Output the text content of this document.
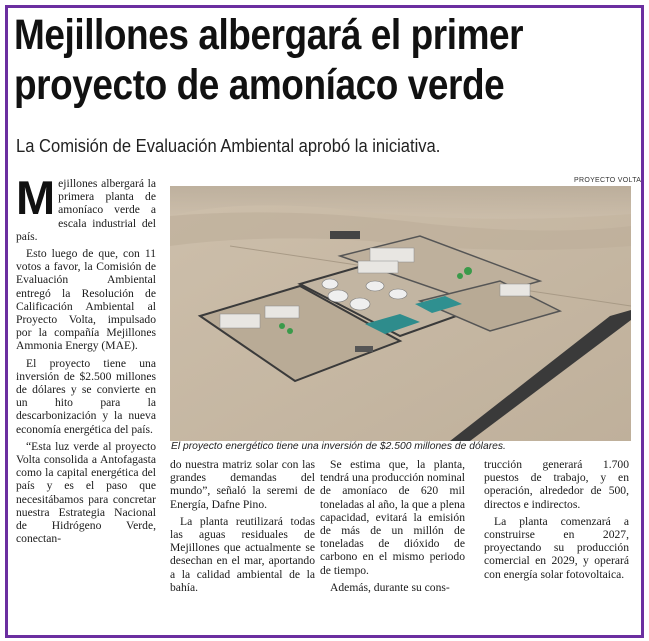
Mejillones albergará el primer proyecto de amoníaco verde
La Comisión de Evaluación Ambiental aprobó la iniciativa.

Mejillones albergará la primera planta de amoníaco verde a escala industrial del país.

Esto luego de que, con 11 votos a favor, la Comisión de Evaluación Ambiental entregó la Resolución de Calificación Ambiental al Proyecto Volta, impulsado por la compañía Mejillones Ammonia Energy (MAE).

El proyecto tiene una inversión de $2.500 millones de dólares y se convierte en un hito para la descarbonización y la nueva economía energética del país.

“Esta luz verde al proyecto Volta consolida a Antofagasta como la capital energética del país y es el paso que necesitábamos para concretar nuestra Estrategia Nacional de Hidrógeno Verde, conectan-

PROYECTO VOLTA
El proyecto energético tiene una inversión de $2.500 millones de dólares.

do nuestra matriz solar con las grandes demandas del mundo”, señaló la seremi de Energía, Dafne Pino.

La planta reutilizará todas las aguas residuales de Mejillones que actualmente se desechan en el mar, aportando a la calidad ambiental de la bahía.

Se estima que, la planta, tendrá una producción nominal de amoníaco de 620 mil toneladas al año, la que a plena capacidad, evitará la emisión de más de un millón de toneladas de dióxido de carbono en el mismo periodo de tiempo.

Además, durante su cons-

trucción generará 1.700 puestos de trabajo, y en operación, alrededor de 500, directos e indirectos.

La planta comenzará a construirse en 2027, proyectando su producción comercial en 2029, y operará con energía solar fotovoltaica.
